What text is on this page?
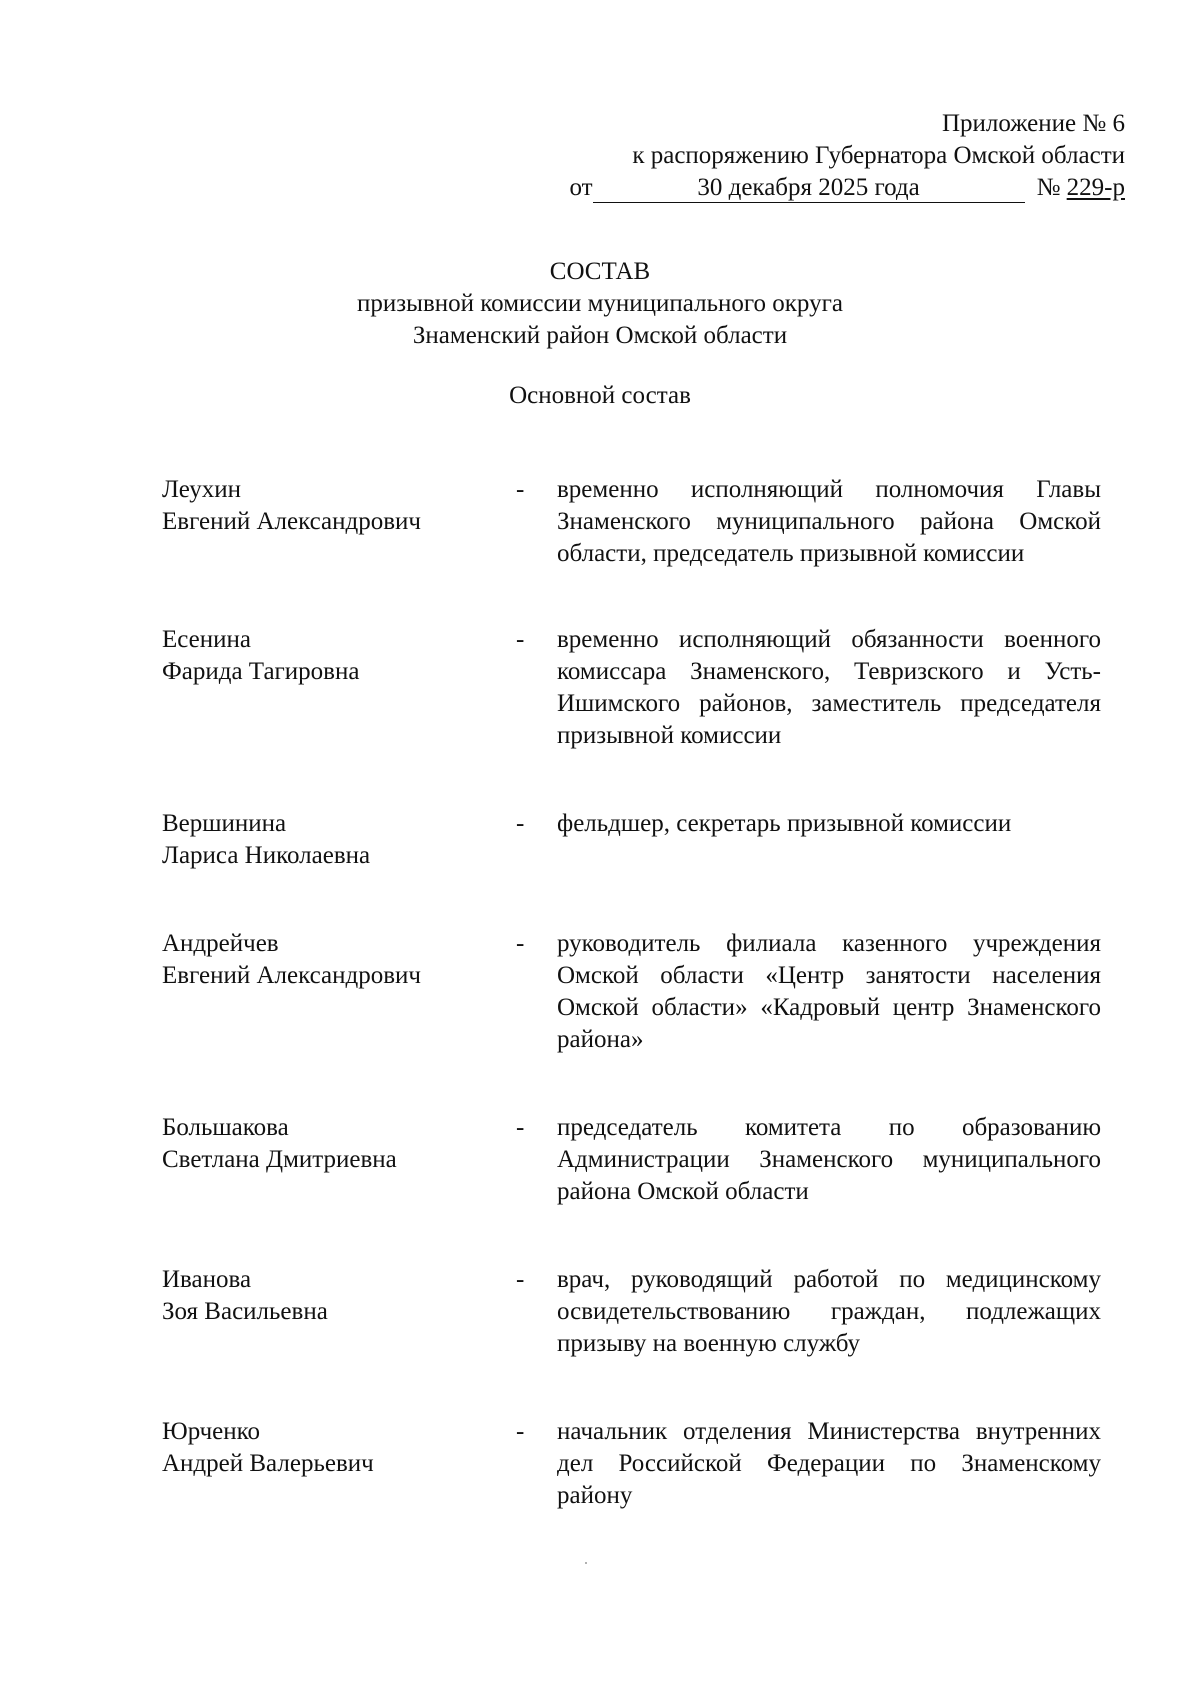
Приложение № 6
к распоряжению Губернатора Омской области
от	30 декабря 2025 года	№
229-р
СОСТАВ
призывной комиссии муниципального округа
Знаменский район Омской области
Основной состав
Леухин
Евгений Александрович
-	временно исполняющий полномочия Главы Знаменского муниципального района Омской области, председатель призывной комиссии
Есенина
Фарида Тагировна
-	временно исполняющий обязанности военного комиссара Знаменского, Тевризского и Усть-Ишимского районов, заместитель председателя призывной комиссии
Вершинина
Лариса Николаевна
-	фельдшер, секретарь призывной комиссии
Андрейчев
Евгений Александрович
-	руководитель филиала казенного учреждения Омской области «Центр занятости населения Омской области» «Кадровый центр Знаменского района»
Большакова
Светлана Дмитриевна
-	председатель комитета по образованию Администрации Знаменского муниципального района Омской области
Иванова
Зоя Васильевна
-	врач, руководящий работой по медицинскому освидетельствованию граждан, подлежащих призыву на военную службу
Юрченко
Андрей Валерьевич
-	начальник отделения Министерства внутренних дел Российской Федерации по Знаменскому району
